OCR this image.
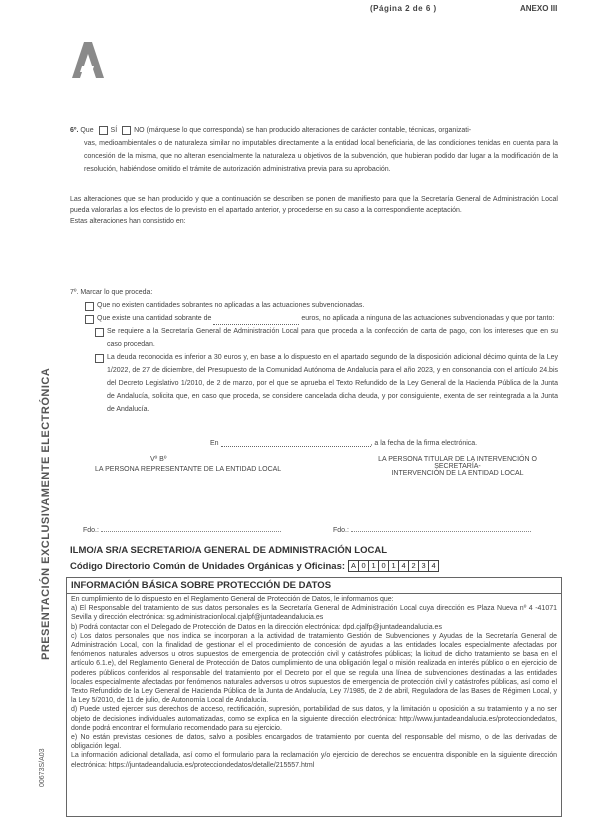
(Página 2 de 6 )	ANEXO III
PRESENTACIÓN EXCLUSIVAMENTE ELECTRÓNICA
00673S/A03
6º. Que SÍ NO (márquese lo que corresponda) se han producido alteraciones de carácter contable, técnicas, organizati-
vas, medioambientales o de naturaleza similar no imputables directamente a la entidad local beneficiaria, de las condiciones tenidas en cuenta para la concesión de la misma, que no alteran esencialmente la naturaleza u objetivos de la subvención, que hubieran podido dar lugar a la modificación de la resolución, habiéndose omitido el trámite de autorización administrativa previa para su aprobación.
Las alteraciones que se han producido y que a continuación se describen se ponen de manifiesto para que la Secretaría General de Administración Local pueda valorarlas a los efectos de lo previsto en el apartado anterior, y procederse en su caso a la correspondiente aceptación.
Estas alteraciones han consistido en:
7º. Marcar lo que proceda:
Que no existen cantidades sobrantes no aplicadas a las actuaciones subvencionadas.
Que existe una cantidad sobrante de	euros, no aplicada a ninguna de las actuaciones subvencionadas y que por tanto:
Se requiere a la Secretaría General de Administración Local para que proceda a la confección de carta de pago, con los intereses que en su caso procedan.
La deuda reconocida es inferior a 30 euros y, en base a lo dispuesto en el apartado segundo de la disposición adicional décimo quinta de la Ley 1/2022, de 27 de diciembre, del Presupuesto de la Comunidad Autónoma de Andalucía para el año 2023, y en consonancia con el artículo 24.bis del Decreto Legislativo 1/2010, de 2 de marzo, por el que se aprueba el Texto Refundido de la Ley General de la Hacienda Pública de la Junta de Andalucía, solicita que, en caso que proceda, se considere cancelada dicha deuda, y por consiguiente, exenta de ser reintegrada a la Junta de Andalucía.
En	, a la fecha de la firma electrónica.
Vº Bº
LA PERSONA REPRESENTANTE DE LA ENTIDAD LOCAL
LA PERSONA TITULAR DE LA INTERVENCIÓN O SECRETARÍA-
INTERVENCIÓN DE LA ENTIDAD LOCAL
Fdo.:	Fdo.:
ILMO/A SR/A SECRETARIO/A GENERAL DE ADMINISTRACIÓN LOCAL
Código Directorio Común de Unidades Orgánicas y Oficinas: A 0 1 0 1 4 2 3 4
INFORMACIÓN BÁSICA SOBRE PROTECCIÓN DE DATOS

En cumplimiento de lo dispuesto en el Reglamento General de Protección de Datos, le informamos que:

a) El Responsable del tratamiento de sus datos personales es la Secretaría General de Administración Local cuya dirección es Plaza Nueva nº 4 -41071 Sevilla y dirección electrónica: sg.administracionlocal.cjalpf@juntadeandalucia.es

b) Podrá contactar con el Delegado de Protección de Datos en la dirección electrónica: dpd.cjalfp@juntadeandalucia.es

c) Los datos personales que nos indica se incorporan a la actividad de tratamiento Gestión de Subvenciones y Ayudas de la Secretaría General de Administración Local, con la finalidad de gestionar el el procedimiento de concesión de ayudas a las entidades locales especialmente afectadas por fenómenos naturales adversos u otros supuestos de emergencia de protección civil y catástrofes públicas; la licitud de dicho tratamiento se basa en el artículo 6.1.e), del Reglamento General de Protección de Datos cumplimiento de una obligación legal o misión realizada en interés público o en ejercicio de poderes públicos conferidos al responsable del tratamiento por el Decreto por el que se regula una línea de subvenciones destinadas a las entidades locales especialmente afectadas por fenómenos naturales adversos u otros supuestos de emergencia de protección civil y catástrofes públicas, así como el Texto Refundido de la Ley General de Hacienda Pública de la Junta de Andalucía, Ley 7/1985, de 2 de abril, Reguladora de las Bases de Régimen Local, y la Ley 5/2010, de 11 de julio, de Autonomía Local de Andalucía.

d) Puede usted ejercer sus derechos de acceso, rectificación, supresión, portabilidad de sus datos, y la limitación u oposición a su tratamiento y a no ser objeto de decisiones individuales automatizadas, como se explica en la siguiente dirección electrónica: http://www.juntadeandalucia.es/protecciondedatos, donde podrá encontrar el formulario recomendado para su ejercicio.

e) No están previstas cesiones de datos, salvo a posibles encargados de tratamiento por cuenta del responsable del mismo, o de las derivadas de obligación legal.

La información adicional detallada, así como el formulario para la reclamación y/o ejercicio de derechos se encuentra disponible en la siguiente dirección electrónica: https://juntadeandalucia.es/protecciondedatos/detalle/215557.html
